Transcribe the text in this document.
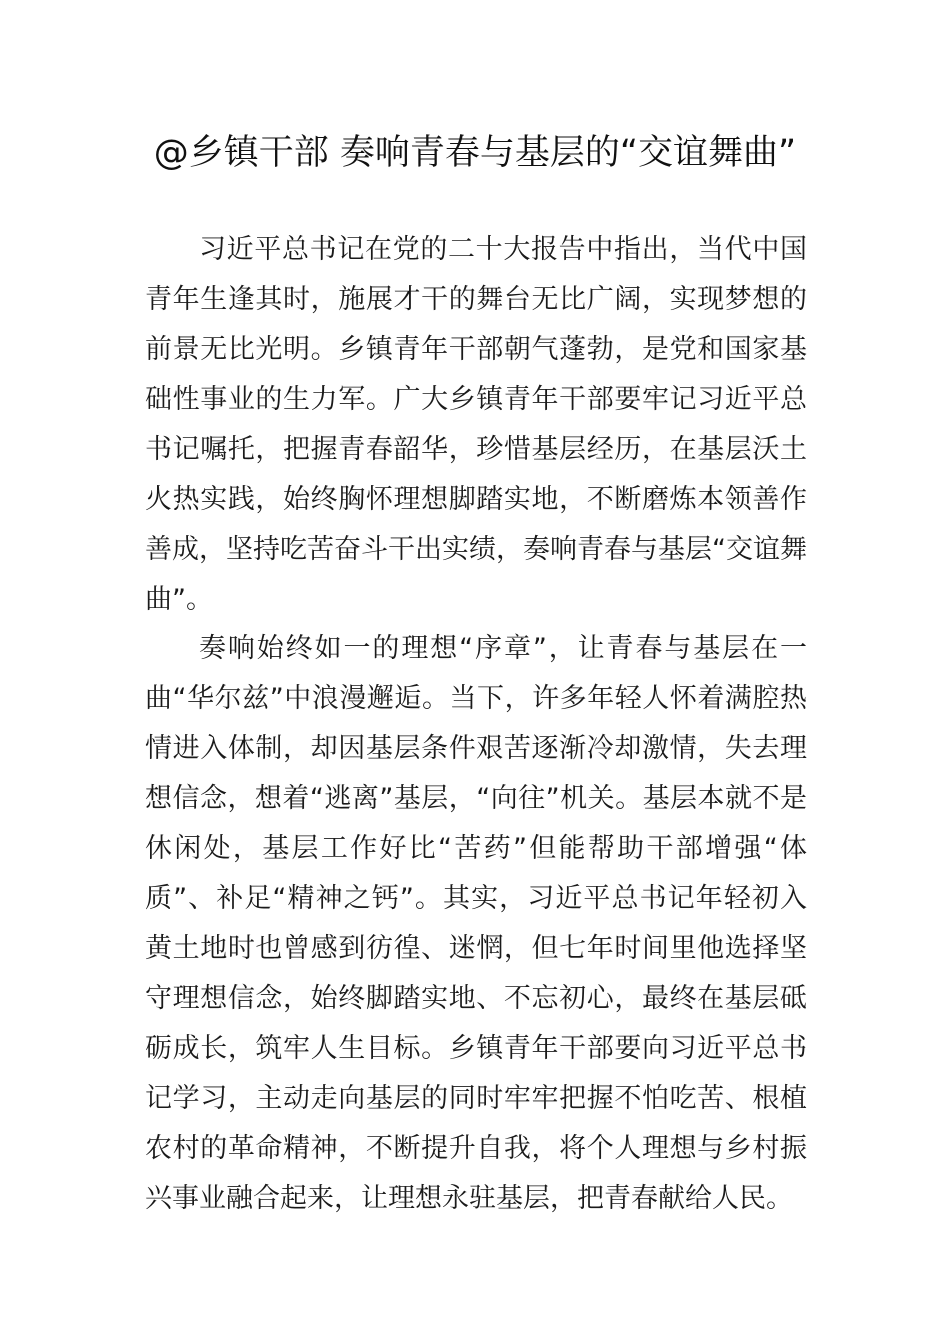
@乡镇干部 奏响青春与基层的“交谊舞曲”

习近平总书记在党的二十大报告中指出，当代中国青年生逢其时，施展才干的舞台无比广阔，实现梦想的前景无比光明。乡镇青年干部朝气蓬勃，是党和国家基础性事业的生力军。广大乡镇青年干部要牢记习近平总书记嘱托，把握青春韶华，珍惜基层经历，在基层沃土火热实践，始终胸怀理想脚踏实地，不断磨炼本领善作善成，坚持吃苦奋斗干出实绩，奏响青春与基层“交谊舞曲”。

奏响始终如一的理想“序章”，让青春与基层在一曲“华尔兹”中浪漫邂逅。当下，许多年轻人怀着满腔热情进入体制，却因基层条件艰苦逐渐冷却激情，失去理想信念，想着“逃离”基层，“向往”机关。基层本就不是休闲处，基层工作好比“苦药”但能帮助干部增强“体质”、补足“精神之钙”。其实，习近平总书记年轻初入黄土地时也曾感到彷徨、迷惘，但七年时间里他选择坚守理想信念，始终脚踏实地、不忘初心，最终在基层砥砺成长，筑牢人生目标。乡镇青年干部要向习近平总书记学习，主动走向基层的同时牢牢把握不怕吃苦、根植农村的革命精神，不断提升自我，将个人理想与乡村振兴事业融合起来，让理想永驻基层，把青春献给人民。
